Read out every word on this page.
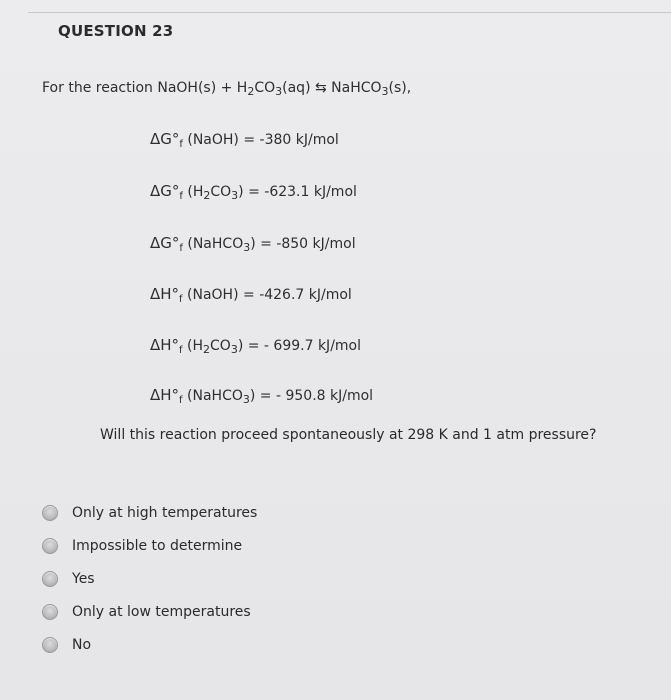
QUESTION 23
For the reaction NaOH(s) + $H_2CO_3(aq)$ ⇆ NaHCO$_3$(s),
$\Delta G^\circ_f$ (NaOH) = -380 kJ/mol
$\Delta G^\circ_f$ $(H_2CO_3) = -623.1$ kJ/mol
$\Delta G^\circ_f$ (NaHCO$_3$) = -850 kJ/mol
$\Delta H^\circ_f$ (NaOH) = -426.7 kJ/mol
$\Delta H^\circ_f$ $(H_2CO_3)$ = - 699.7 kJ/mol
$\Delta H^\circ_f$ (NaHCO$_3$) = - 950.8 kJ/mol
Will this reaction proceed spontaneously at 298 K and 1 atm pressure?
Only at high temperatures
Impossible to determine
Yes
Only at low temperatures
No
